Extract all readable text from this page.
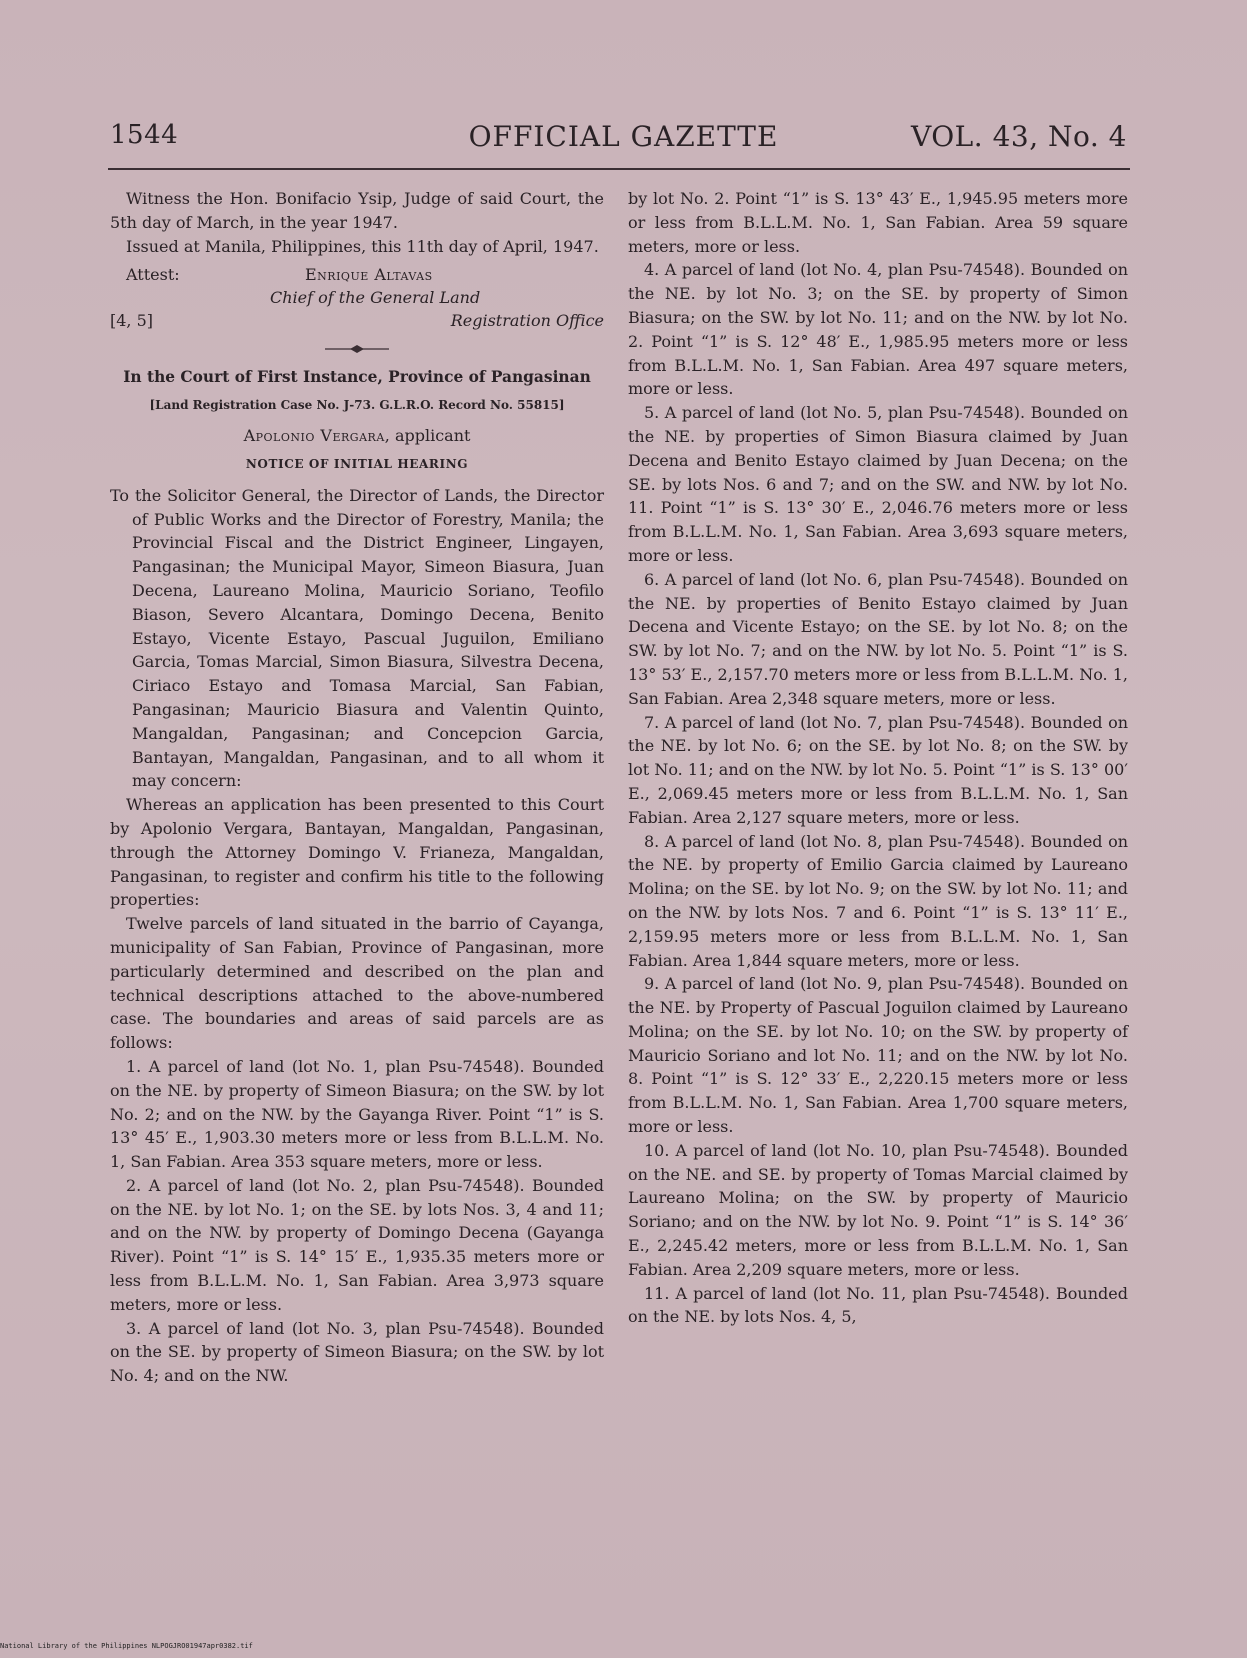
1544	OFFICIAL GAZETTE	VOL. 43, No. 4

Witness the Hon. Bonifacio Ysip, Judge of said Court, the 5th day of March, in the year 1947.

Issued at Manila, Philippines, this 11th day of April, 1947.

Attest:	Enrique Altavas
Chief of the General Land
[4, 5]	Registration Office
In the Court of First Instance, Province of Pangasinan
[Land Registration Case No. J-73. G.L.R.O. Record No. 55815]
Apolonio Vergara, applicant
NOTICE OF INITIAL HEARING

To the Solicitor General, the Director of Lands, the Director of Public Works and the Director of Forestry, Manila; the Provincial Fiscal and the District Engineer, Lingayen, Pangasinan; the Municipal Mayor, Simeon Biasura, Juan Decena, Laureano Molina, Mauricio Soriano, Teofilo Biason, Severo Alcantara, Domingo Decena, Benito Estayo, Vicente Estayo, Pascual Juguilon, Emiliano Garcia, Tomas Marcial, Simon Biasura, Silvestra Decena, Ciriaco Estayo and Tomasa Marcial, San Fabian, Pangasinan; Mauricio Biasura and Valentin Quinto, Mangaldan, Pangasinan; and Concepcion Garcia, Bantayan, Mangaldan, Pangasinan, and to all whom it may concern:

Whereas an application has been presented to this Court by Apolonio Vergara, Bantayan, Mangaldan, Pangasinan, through the Attorney Domingo V. Frianeza, Mangaldan, Pangasinan, to register and confirm his title to the following properties:

Twelve parcels of land situated in the barrio of Cayanga, municipality of San Fabian, Province of Pangasinan, more particularly determined and described on the plan and technical descriptions attached to the above-numbered case. The boundaries and areas of said parcels are as follows:

1. A parcel of land (lot No. 1, plan Psu-74548). Bounded on the NE. by property of Simeon Biasura; on the SW. by lot No. 2; and on the NW. by the Gayanga River. Point “1” is S. 13° 45′ E., 1,903.30 meters more or less from B.L.L.M. No. 1, San Fabian. Area 353 square meters, more or less.

2. A parcel of land (lot No. 2, plan Psu-74548). Bounded on the NE. by lot No. 1; on the SE. by lots Nos. 3, 4 and 11; and on the NW. by property of Domingo Decena (Gayanga River). Point “1” is S. 14° 15′ E., 1,935.35 meters more or less from B.L.L.M. No. 1, San Fabian. Area 3,973 square meters, more or less.

3. A parcel of land (lot No. 3, plan Psu-74548). Bounded on the SE. by property of Simeon Biasura; on the SW. by lot No. 4; and on the NW.

by lot No. 2. Point “1” is S. 13° 43′ E., 1,945.95 meters more or less from B.L.L.M. No. 1, San Fabian. Area 59 square meters, more or less.

4. A parcel of land (lot No. 4, plan Psu-74548). Bounded on the NE. by lot No. 3; on the SE. by property of Simon Biasura; on the SW. by lot No. 11; and on the NW. by lot No. 2. Point “1” is S. 12° 48′ E., 1,985.95 meters more or less from B.L.L.M. No. 1, San Fabian. Area 497 square meters, more or less.

5. A parcel of land (lot No. 5, plan Psu-74548). Bounded on the NE. by properties of Simon Biasura claimed by Juan Decena and Benito Estayo claimed by Juan Decena; on the SE. by lots Nos. 6 and 7; and on the SW. and NW. by lot No. 11. Point “1” is S. 13° 30′ E., 2,046.76 meters more or less from B.L.L.M. No. 1, San Fabian. Area 3,693 square meters, more or less.

6. A parcel of land (lot No. 6, plan Psu-74548). Bounded on the NE. by properties of Benito Estayo claimed by Juan Decena and Vicente Estayo; on the SE. by lot No. 8; on the SW. by lot No. 7; and on the NW. by lot No. 5. Point “1” is S. 13° 53′ E., 2,157.70 meters more or less from B.L.L.M. No. 1, San Fabian. Area 2,348 square meters, more or less.

7. A parcel of land (lot No. 7, plan Psu-74548). Bounded on the NE. by lot No. 6; on the SE. by lot No. 8; on the SW. by lot No. 11; and on the NW. by lot No. 5. Point “1” is S. 13° 00′ E., 2,069.45 meters more or less from B.L.L.M. No. 1, San Fabian. Area 2,127 square meters, more or less.

8. A parcel of land (lot No. 8, plan Psu-74548). Bounded on the NE. by property of Emilio Garcia claimed by Laureano Molina; on the SE. by lot No. 9; on the SW. by lot No. 11; and on the NW. by lots Nos. 7 and 6. Point “1” is S. 13° 11′ E., 2,159.95 meters more or less from B.L.L.M. No. 1, San Fabian. Area 1,844 square meters, more or less.

9. A parcel of land (lot No. 9, plan Psu-74548). Bounded on the NE. by Property of Pascual Joguilon claimed by Laureano Molina; on the SE. by lot No. 10; on the SW. by property of Mauricio Soriano and lot No. 11; and on the NW. by lot No. 8. Point “1” is S. 12° 33′ E., 2,220.15 meters more or less from B.L.L.M. No. 1, San Fabian. Area 1,700 square meters, more or less.

10. A parcel of land (lot No. 10, plan Psu-74548). Bounded on the NE. and SE. by property of Tomas Marcial claimed by Laureano Molina; on the SW. by property of Mauricio Soriano; and on the NW. by lot No. 9. Point “1” is S. 14° 36′ E., 2,245.42 meters, more or less from B.L.L.M. No. 1, San Fabian. Area 2,209 square meters, more or less.

11. A parcel of land (lot No. 11, plan Psu-74548). Bounded on the NE. by lots Nos. 4, 5,

National Library of the Philippines NLPOGJRO01947apr0382.tif
